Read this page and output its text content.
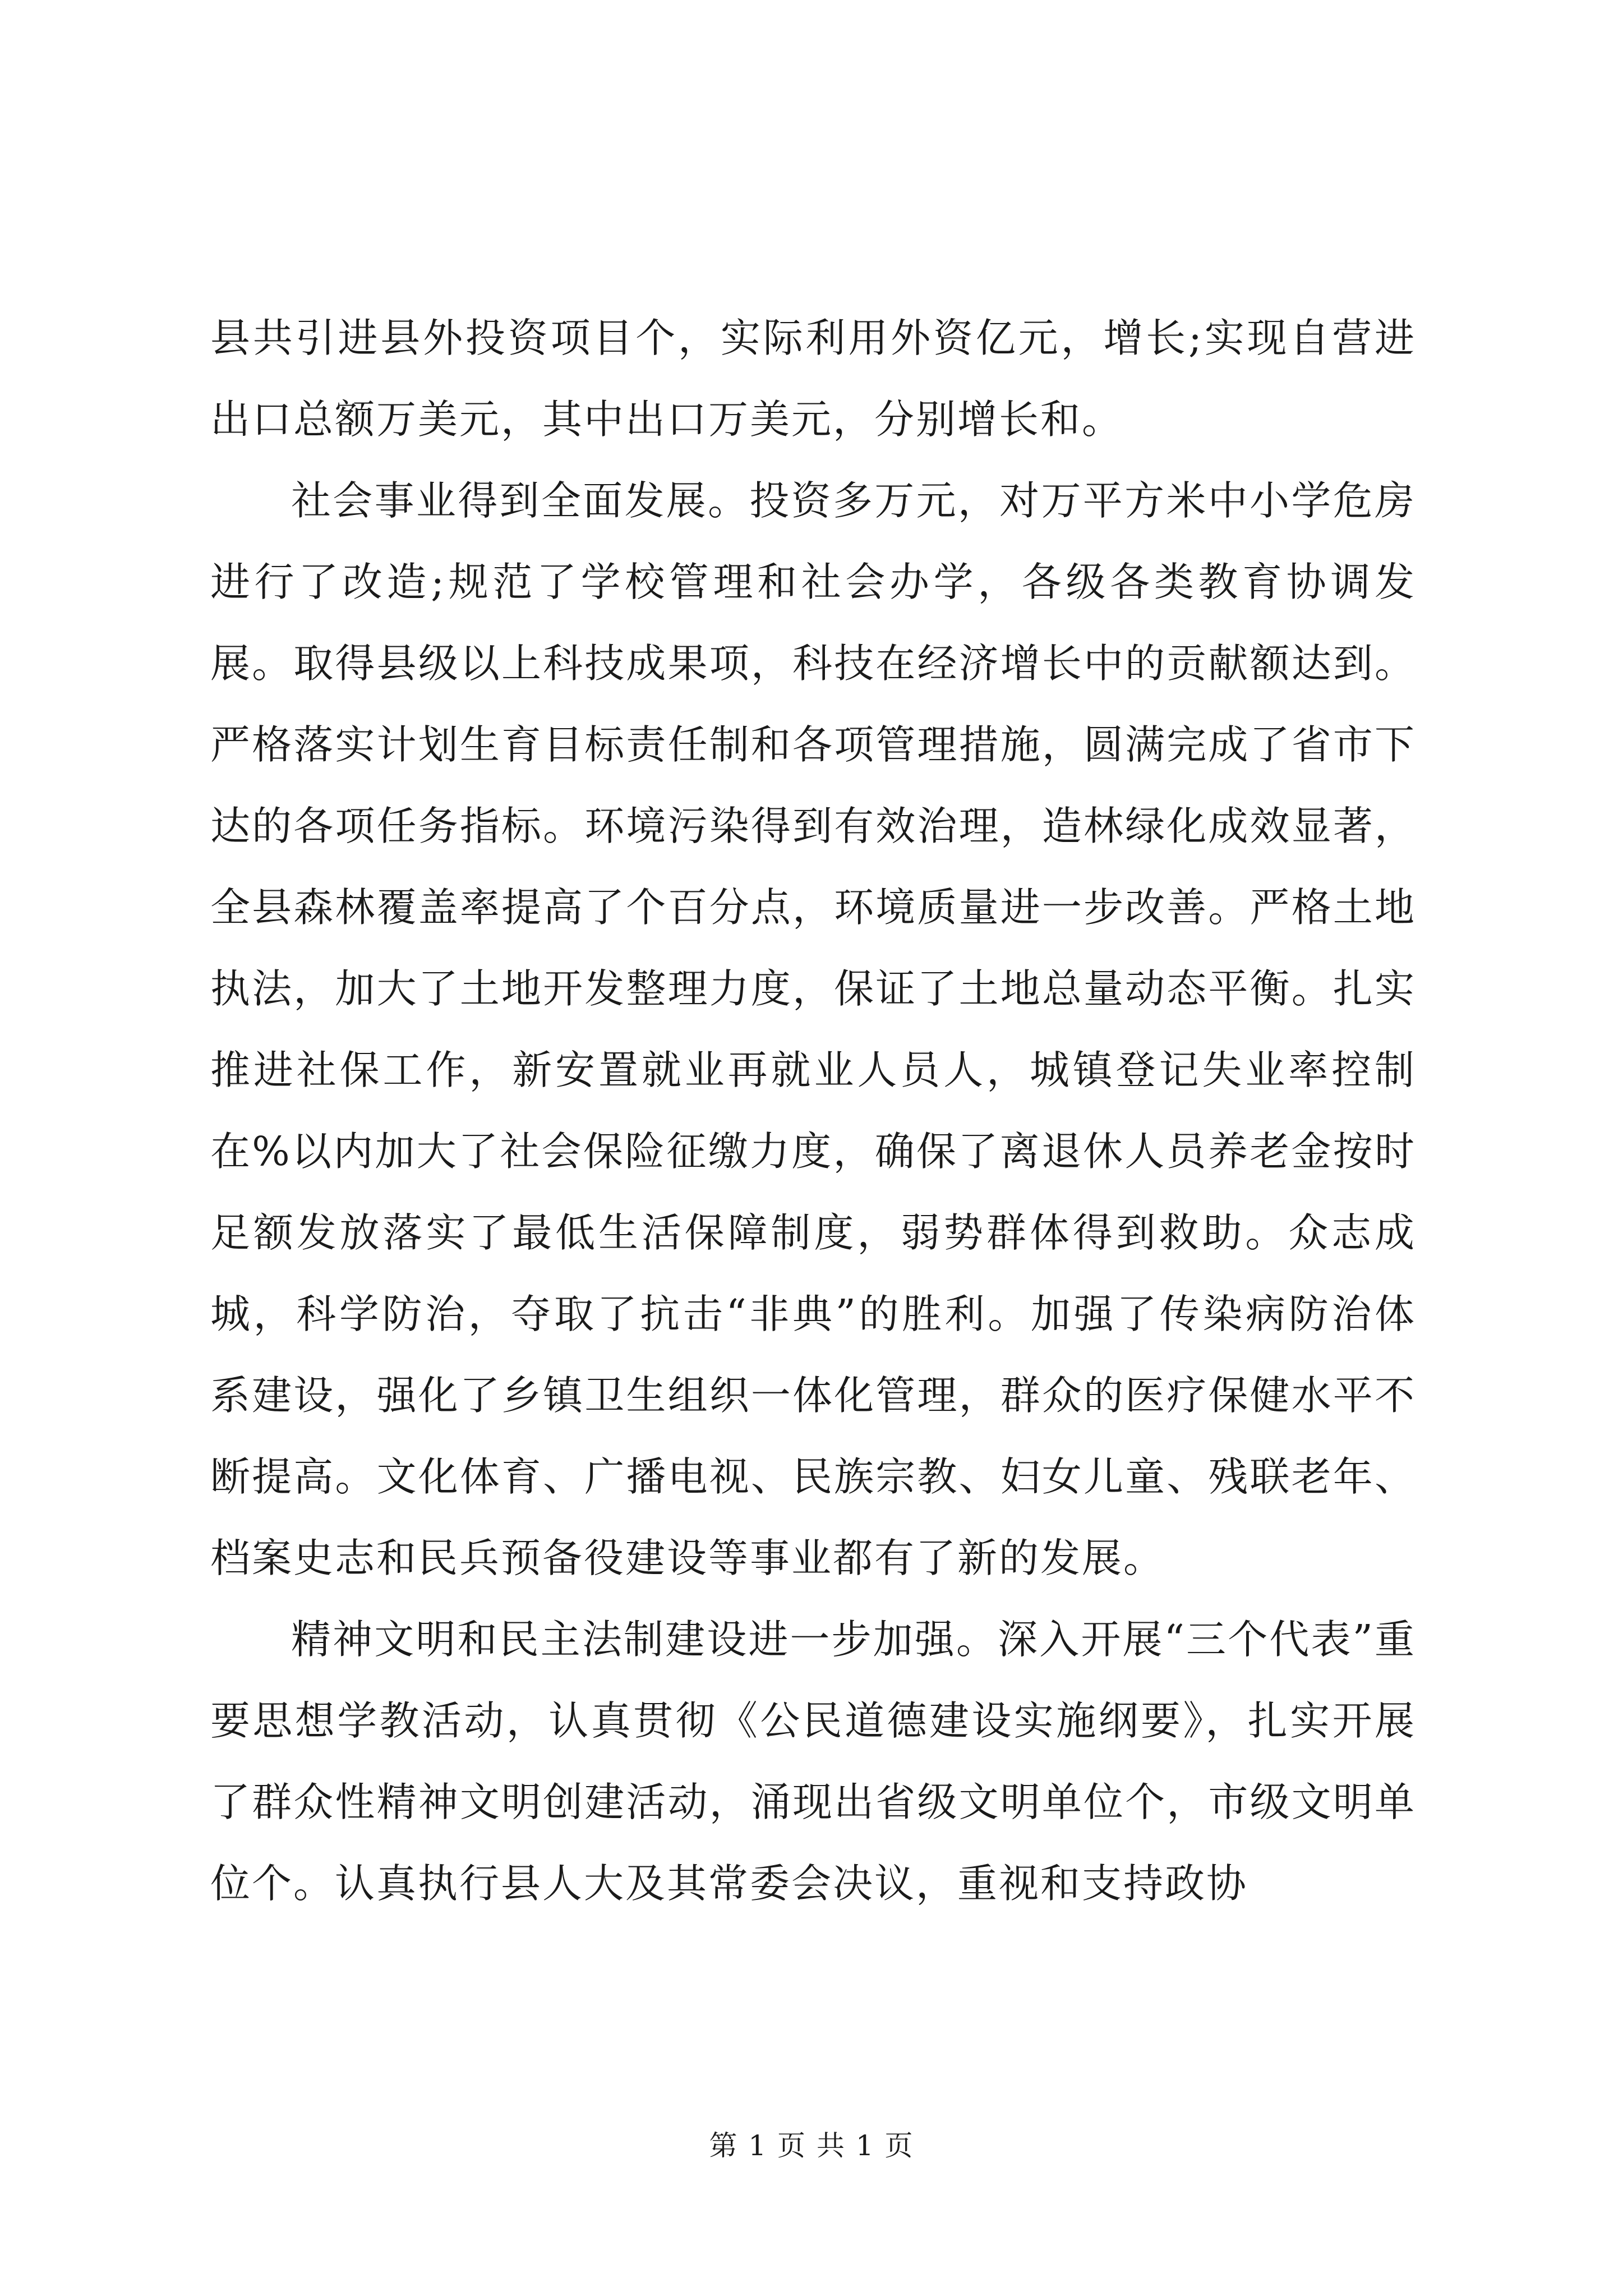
县共引进县外投资项目个，实际利用外资亿元，增长;实现自营进出口总额万美元，其中出口万美元，分别增长和。

社会事业得到全面发展。投资多万元，对万平方米中小学危房进行了改造;规范了学校管理和社会办学，各级各类教育协调发展。取得县级以上科技成果项，科技在经济增长中的贡献额达到。严格落实计划生育目标责任制和各项管理措施，圆满完成了省市下达的各项任务指标。环境污染得到有效治理，造林绿化成效显著，全县森林覆盖率提高了个百分点，环境质量进一步改善。严格土地执法，加大了土地开发整理力度，保证了土地总量动态平衡。扎实推进社保工作，新安置就业再就业人员人，城镇登记失业率控制在%以内加大了社会保险征缴力度，确保了离退休人员养老金按时足额发放落实了最低生活保障制度，弱势群体得到救助。众志成城，科学防治，夺取了抗击“非典”的胜利。加强了传染病防治体系建设，强化了乡镇卫生组织一体化管理，群众的医疗保健水平不断提高。文化体育、广播电视、民族宗教、妇女儿童、残联老年、档案史志和民兵预备役建设等事业都有了新的发展。

精神文明和民主法制建设进一步加强。深入开展“三个代表”重要思想学教活动，认真贯彻《公民道德建设实施纲要》，扎实开展了群众性精神文明创建活动，涌现出省级文明单位个，市级文明单位个。认真执行县人大及其常委会决议，重视和支持政协

第 1 页 共 1 页
